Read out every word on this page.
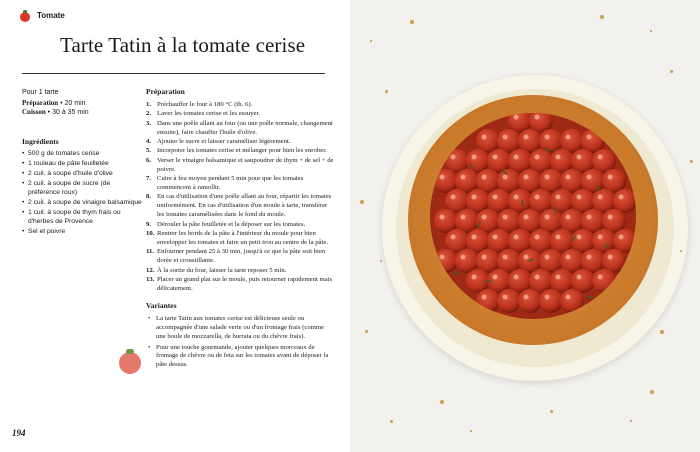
Tomate
Tarte Tatin à la tomate cerise
Pour 1 tarte
Préparation • 20 min
Cuisson • 30 à 35 min
Ingrédients
• 500 g de tomates cerise
• 1 rouleau de pâte feuilletée
• 2 cuil. à soupe d'huile d'olive
• 2 cuil. à soupe de sucre (de préférence roux)
• 2 cuil. à soupe de vinaigre balsamique
• 1 cuil. à soupe de thym frais ou d'herbes de Provence
• Sel et poivre
Préparation
1. Préchauffer le four à 180 °C (th. 6).
2. Laver les tomates cerise et les essuyer.
3. Dans une poêle allant au four (ou une poêle normale, changement ensuite), faire chauffer l'huile d'olive.
4. Ajouter le sucre et laisser caraméliser légèrement.
5. Incorporer les tomates cerise et mélanger pour bien les enrober.
6. Verser le vinaigre balsamique et saupoudrer de thym + de sel + de poivre.
7. Cuire à feu moyen pendant 5 min pour que les tomates commencent à ramollir.
8. En cas d'utilisation d'une poêle allant au four, répartir les tomates uniformément. En cas d'utilisation d'un moule à tarte, transférer les tomates caramélisées dans le fond du moule.
9. Dérouler la pâte feuilletée et la déposer sur les tomates.
10. Rentrer les bords de la pâte à l'intérieur du moule pour bien envelopper les tomates et faire un petit trou au centre de la pâte.
11. Enfourner pendant 25 à 30 min, jusqu'à ce que la pâte soit bien dorée et croustillante.
12. À la sortie du four, laisser la tarte reposer 5 min.
13. Placer un grand plat sur le moule, puis retourner rapidement mais délicatement.
Variantes
• La tarte Tatin aux tomates cerise est délicieuse seule ou accompagnée d'une salade verte ou d'un fromage frais (comme une boule de mozzarella, de burrata ou du chèvre frais).
• Pour une touche gourmande, ajouter quelques morceaux de fromage de chèvre ou de feta sur les tomates avant de déposer la pâte dessus.
194
